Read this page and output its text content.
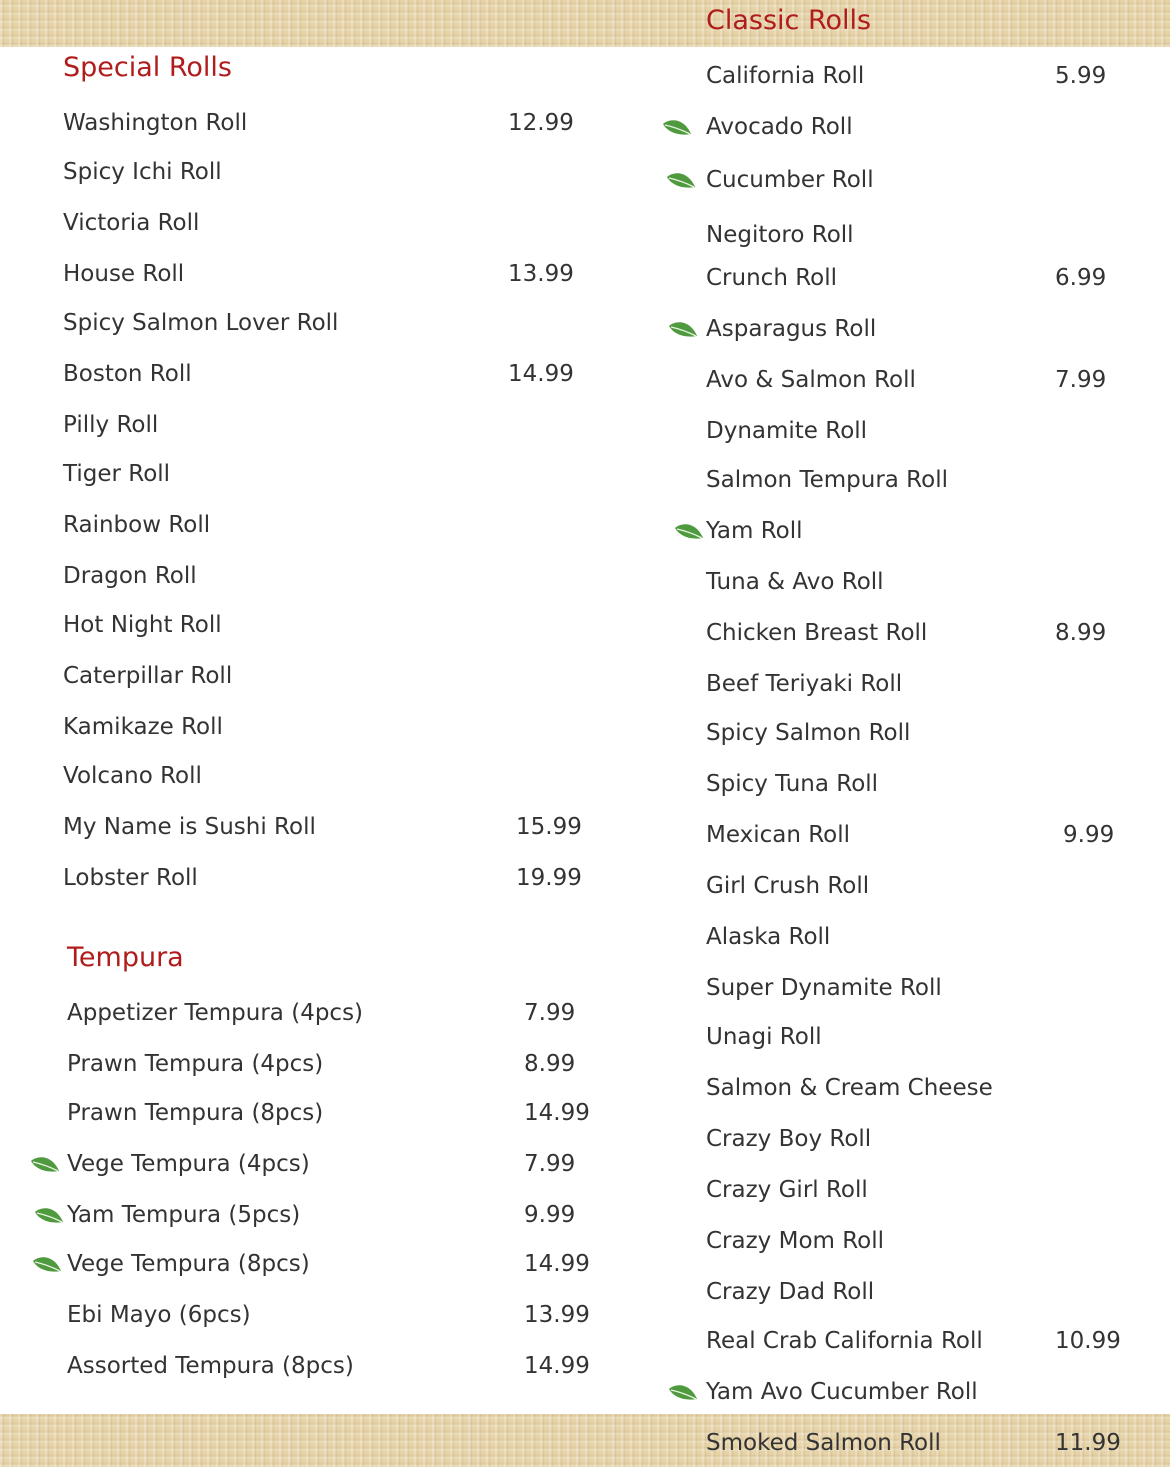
Classic Rolls
Special Rolls
Tempura
Washington Roll	12.99
Spicy Ichi Roll
Victoria Roll
House Roll	13.99
Spicy Salmon Lover Roll
Boston Roll	14.99
Pilly Roll
Tiger Roll
Rainbow Roll
Dragon Roll
Hot Night Roll
Caterpillar Roll
Kamikaze Roll
Volcano Roll
My Name is Sushi Roll	15.99
Lobster Roll	19.99
Appetizer Tempura (4pcs)	7.99
Prawn Tempura (4pcs)	8.99
Prawn Tempura (8pcs)	14.99
Vege Tempura (4pcs)	7.99
Yam Tempura (5pcs)	9.99
Vege Tempura (8pcs)	14.99
Ebi Mayo (6pcs)	13.99
Assorted Tempura (8pcs)	14.99
California Roll	5.99
Avocado Roll
Cucumber Roll
Negitoro Roll
Crunch Roll	6.99
Asparagus Roll
Avo & Salmon Roll	7.99
Dynamite Roll
Salmon Tempura Roll
Yam Roll
Tuna & Avo Roll
Chicken Breast Roll	8.99
Beef Teriyaki Roll
Spicy Salmon Roll
Spicy Tuna Roll
Mexican Roll	9.99
Girl Crush Roll
Alaska Roll
Super Dynamite Roll
Unagi Roll
Salmon & Cream Cheese
Crazy Boy Roll
Crazy Girl Roll
Crazy Mom Roll
Crazy Dad Roll
Real Crab California Roll	10.99
Yam Avo Cucumber Roll
Smoked Salmon Roll	11.99
